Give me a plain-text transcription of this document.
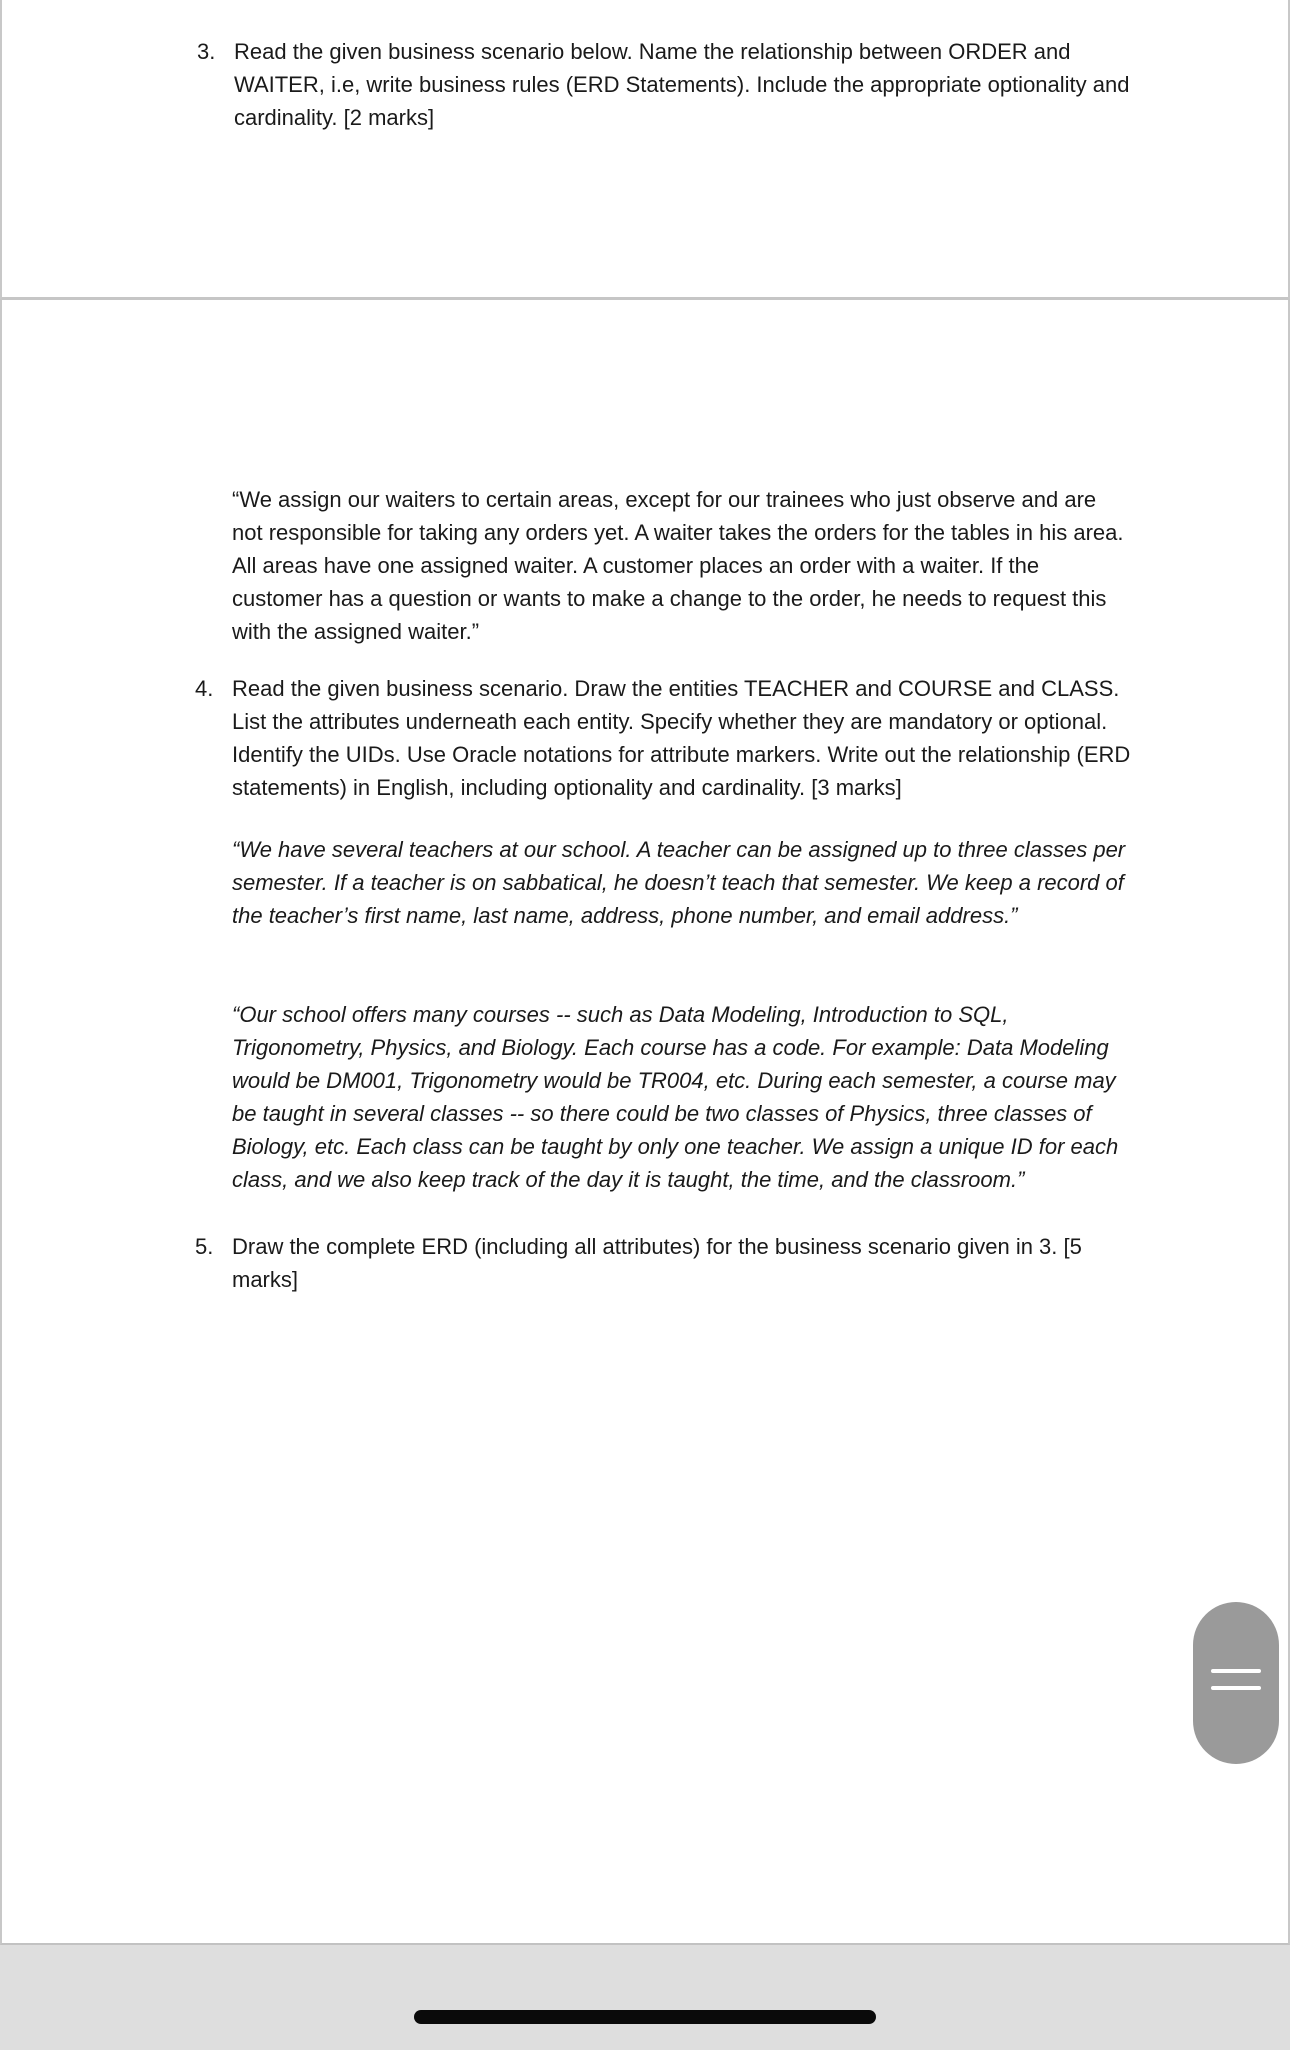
3. Read the given business scenario below. Name the relationship between ORDER and WAITER, i.e, write business rules (ERD Statements). Include the appropriate optionality and cardinality. [2 marks]
“We assign our waiters to certain areas, except for our trainees who just observe and are not responsible for taking any orders yet. A waiter takes the orders for the tables in his area. All areas have one assigned waiter. A customer places an order with a waiter. If the customer has a question or wants to make a change to the order, he needs to request this with the assigned waiter.”
4. Read the given business scenario. Draw the entities TEACHER and COURSE and CLASS. List the attributes underneath each entity. Specify whether they are mandatory or optional. Identify the UIDs. Use Oracle notations for attribute markers. Write out the relationship (ERD statements) in English, including optionality and cardinality. [3 marks]
“We have several teachers at our school. A teacher can be assigned up to three classes per semester. If a teacher is on sabbatical, he doesn’t teach that semester. We keep a record of the teacher’s first name, last name, address, phone number, and email address.”
“Our school offers many courses -- such as Data Modeling, Introduction to SQL, Trigonometry, Physics, and Biology. Each course has a code. For example: Data Modeling would be DM001, Trigonometry would be TR004, etc. During each semester, a course may be taught in several classes -- so there could be two classes of Physics, three classes of Biology, etc. Each class can be taught by only one teacher. We assign a unique ID for each class, and we also keep track of the day it is taught, the time, and the classroom.”
5. Draw the complete ERD (including all attributes) for the business scenario given in 3. [5 marks]
